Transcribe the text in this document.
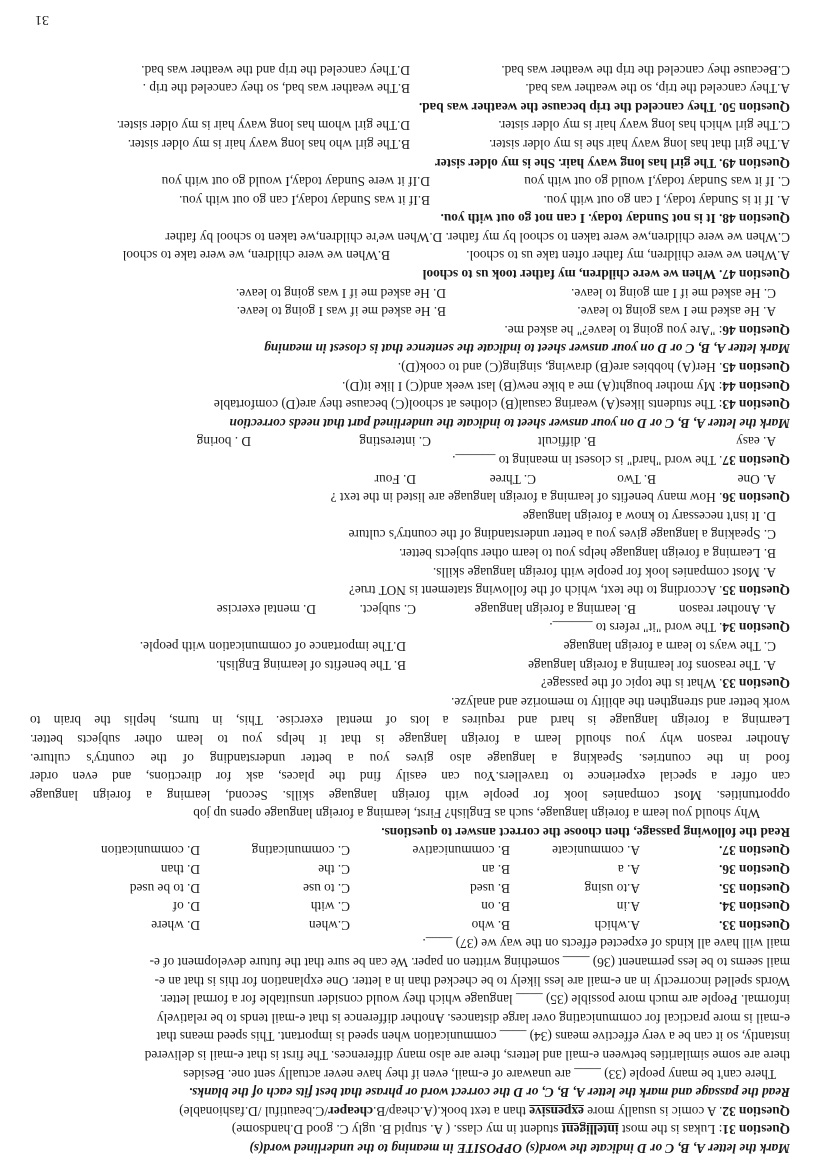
Mark the letter A, B, C or D indicate the word(s) OPPOSITE in meaning to the underlined word(s)
Question 31: Lukas is the most intelligent student in my class. ( A. stupid B. ugly C. good D.handsome)
Question 32. A comic is usually more expensive than a text book.(A.cheap/B.cheaper/C.beautiful /D.fashionable)
Read the passage and mark the letter A, B, C, or D the correct word or phrase that best fits each of the blanks.
There can't be many people (33) ____ are unaware of e-mail, even if they have never actually sent one. Besides
there are some similarities between e-mail and letters, there are also many differences. The first is that e-mail is delivered
instantly, so it can be a very effective means (34) ____ communication when speed is important. This speed means that
e-mail is more practical for communicating over large distances. Another difference is that e-mail tends to be relatively
informal. People are much more possible (35) ____ language which they would consider unsuitable for a formal letter.
Words spelled incorrectly in an e-mail are less likely to be checked than in a letter. One explanation for this is that an e-
mail seems to be less permanent (36) ____ something written on paper. We can be sure that the future development of e-
mail will have all kinds of expected effects on the way we (37) ____.
Question 33.
A.which
B. who
C.when
D. where
Question 34.
A.in
B. on
C. with
D. of
Question 35.
A.to using
B. used
C. to use
D. to be used
Question 36.
A. a
B. an
C. the
D. than
Question 37.
A. communicate
B. communicative
C. communicating
D. communication
Read the following passage, then choose the correct answer to questions.
Why should you learn a foreign language, such as English? First, learning a foreign language opens up job
opportunities. Most companies look for people with foreign language skills. Second, learning a foreign language
can offer a special experience to travellers.You can easily find the places, ask for directions, and even order
food in the countries. Speaking a language also gives you a better understanding of the country's culture.
Another reason why you should learn a foreign language is that it helps you to learn other subjects better.
Learning a foreign language is hard and requires a lots of mental exercise. This, in turns, heplis the brain to
work better and strengthen the ability to memorize and analyze.
Question 33. What is the topic of the passage?
A. The reasons for learning a foreign language
B. The benefits of learning English.
C. The ways to learn a foreign language
D.The importance of communication with people.
Question 34. The word "it" refers to ______.
A. Another reason
B. learning a foreign language
C. subject.
D. mental exercise
Question 35. According to the text, which of the following statement is NOT true?
A. Most companies look for people with foreign language skills.
B. Learning a foreign language helps you to learn other subjects better.
C. Speaking a language gives you a better understanding of the country's culture
D. It isn't necessary to know a foreign language
Question 36. How many benefits of learning a foreign language are listed in the text ?
A. One
B. Two
C. Three
D. Four
Question 37. The word "hard" is closest in meaning to ______.
A. easy
B. difficult
C. interesting
D . boring
Mark the letter A, B, C or D on your answer sheet to indicate the underlined part that needs correction
Question 43: The students likes(A) wearing casual(B) clothes at school(C) because they are(D) comfortable
Question 44: My mother bought(A) me a bike new(B) last week and(C) I like it(D).
Question 45. Her(A) hobbies are(B) drawing, singing(C) and to cook(D).
Mark letter A, B, C or D on your answer sheet to indicate the sentence that is closest in meaning
Question 46: "Are you going to leave?" he asked me.
A. He asked me I was going to leave.
B. He asked me if was I going to leave.
C. He asked me if I am going to leave.
D. He asked me if I was going to leave.
Question 47. When we were children, my father took us to school
A.When we were children, my father often take us to school.
B.When we were children, we were take to school
C.When we were children,we were taken to school by my father. D.When we're children,we taken to school by father
Question 48. It is not Sunday today. I can not go out with you.
A. If it is Sunday today, I can go out with you.
B.If it was Sunday today,I can go out with you.
C. If it was Sunday today,I would go out with you
D.If it were Sunday today,I would go out with you
Question 49. The girl has long wavy hair. She is my older sister
A.The girl that has long wavy hair she is my older sister.
B.The girl who has long wavy hair is my older sister.
C.The girl which has long wavy hair is my older sister.
D.The girl whom has long wavy hair is my older sister.
Question 50. They canceled the trip because the weather was bad.
A.They canceled the trip, so the weather was bad.
B.The weather was bad, so they canceled the trip .
C.Because they canceled the trip the weather was bad.
D.They canceled the trip and the weather was bad.
31
